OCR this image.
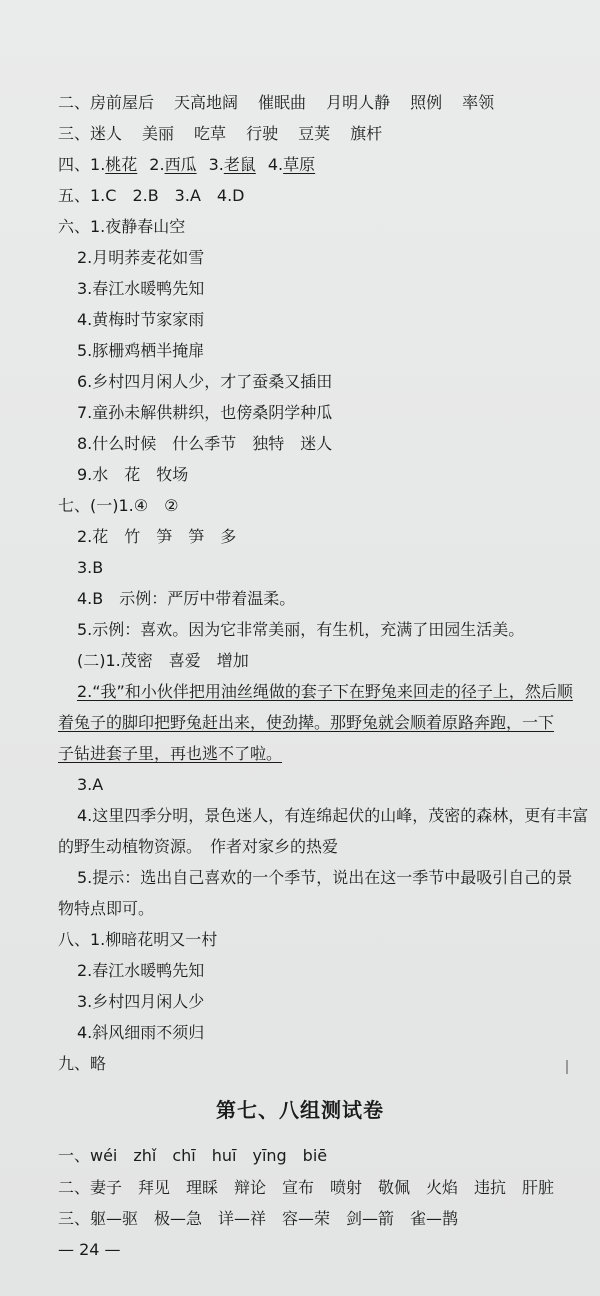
二、房前屋后 天高地阔 催眠曲 月明人静 照例 率领
三、迷人 美丽 吃草 行驶 豆荚 旗杆
四、1.桃花 2.西瓜 3.老鼠 4.草原
五、1.C　2.B　3.A　4.D
六、1.夜静春山空
2.月明荞麦花如雪
3.春江水暖鸭先知
4.黄梅时节家家雨
5.豚栅鸡栖半掩扉
6.乡村四月闲人少，才了蚕桑又插田
7.童孙未解供耕织，也傍桑阴学种瓜
8.什么时候　什么季节　独特　迷人
9.水　花　牧场
七、(一)1.④　②
2.花　竹　笋　笋　多
3.B
4.B　示例：严厉中带着温柔。
5.示例：喜欢。因为它非常美丽，有生机，充满了田园生活美。
(二)1.茂密　喜爱　增加
2.“我”和小伙伴把用油丝绳做的套子下在野兔来回走的径子上，然后顺
着兔子的脚印把野兔赶出来，使劲撵。那野兔就会顺着原路奔跑，一下
子钻进套子里，再也逃不了啦。
3.A
4.这里四季分明，景色迷人，有连绵起伏的山峰，茂密的森林，更有丰富
的野生动植物资源。　作者对家乡的热爱
5.提示：选出自己喜欢的一个季节，说出在这一季节中最吸引自己的景
物特点即可。
八、1.柳暗花明又一村
2.春江水暖鸭先知
3.乡村四月闲人少
4.斜风细雨不须归
九、略
第七、八组测试卷
一、wéi　zhǐ　chī　huī　yīng　biē
二、妻子　拜见　理睬　辩论　宣布　喷射　敬佩　火焰　违抗　肝脏
三、躯—驱　极—急　详—祥　容—荣　剑—箭　雀—鹊
— 24 —
